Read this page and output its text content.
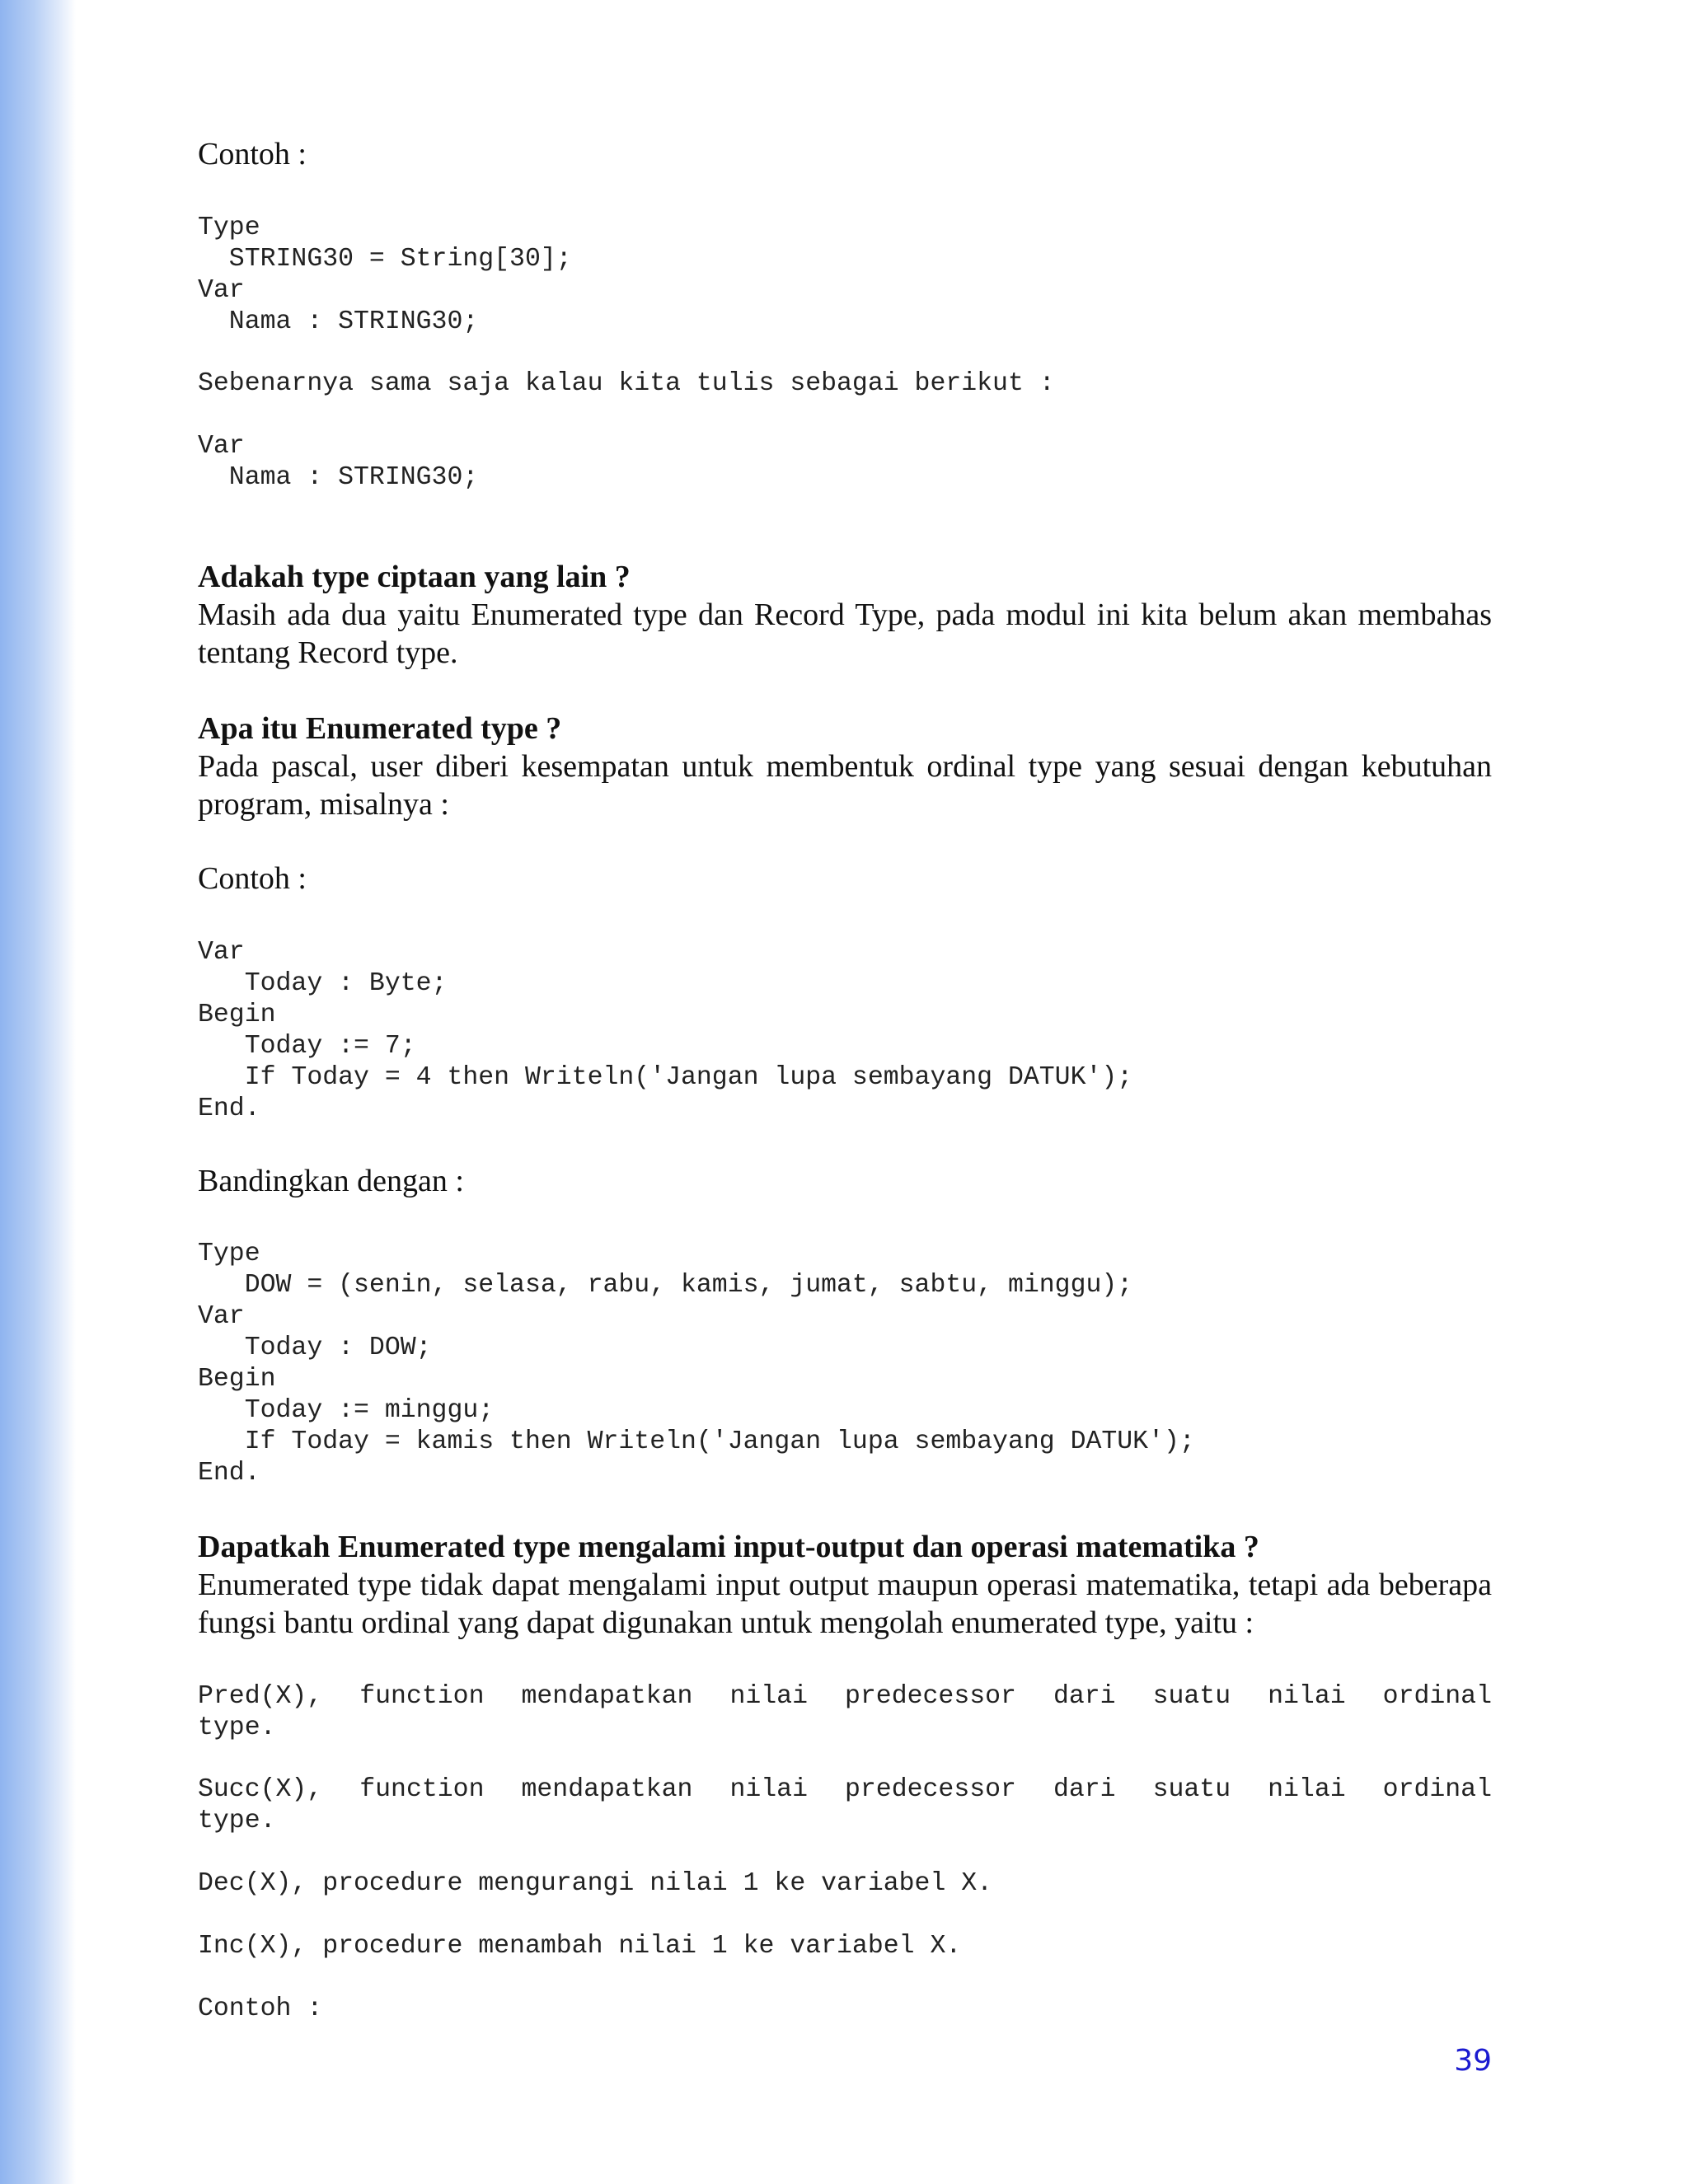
Contoh :
Type
STRING30 = String[30];
Var
Nama : STRING30;
Sebenarnya sama saja kalau kita tulis sebagai berikut :
Var
Nama : STRING30;
Adakah type ciptaan yang lain ?
Masih ada dua yaitu Enumerated type dan Record Type, pada modul ini kita belum akan membahas tentang Record type.
Apa itu Enumerated type ?
Pada pascal, user diberi kesempatan untuk membentuk ordinal type yang sesuai dengan kebutuhan program, misalnya :
Contoh :
Var
Today : Byte;
Begin
Today := 7;
If Today = 4 then Writeln('Jangan lupa sembayang DATUK');
End.
Bandingkan dengan :
Type
DOW = (senin, selasa, rabu, kamis, jumat, sabtu, minggu);
Var
Today : DOW;
Begin
Today := minggu;
If Today = kamis then Writeln('Jangan lupa sembayang DATUK');
End.
Dapatkah Enumerated type mengalami input-output dan operasi matematika ?
Enumerated type tidak dapat mengalami input output maupun operasi matematika, tetapi ada beberapa fungsi bantu ordinal yang dapat digunakan untuk mengolah enumerated type, yaitu :
Pred(X), function mendapatkan nilai predecessor dari suatu nilai ordinal
type.
Succ(X), function mendapatkan nilai predecessor dari suatu nilai ordinal
type.
Dec(X), procedure mengurangi nilai 1 ke variabel X.
Inc(X), procedure menambah nilai 1 ke variabel X.
Contoh :
39
